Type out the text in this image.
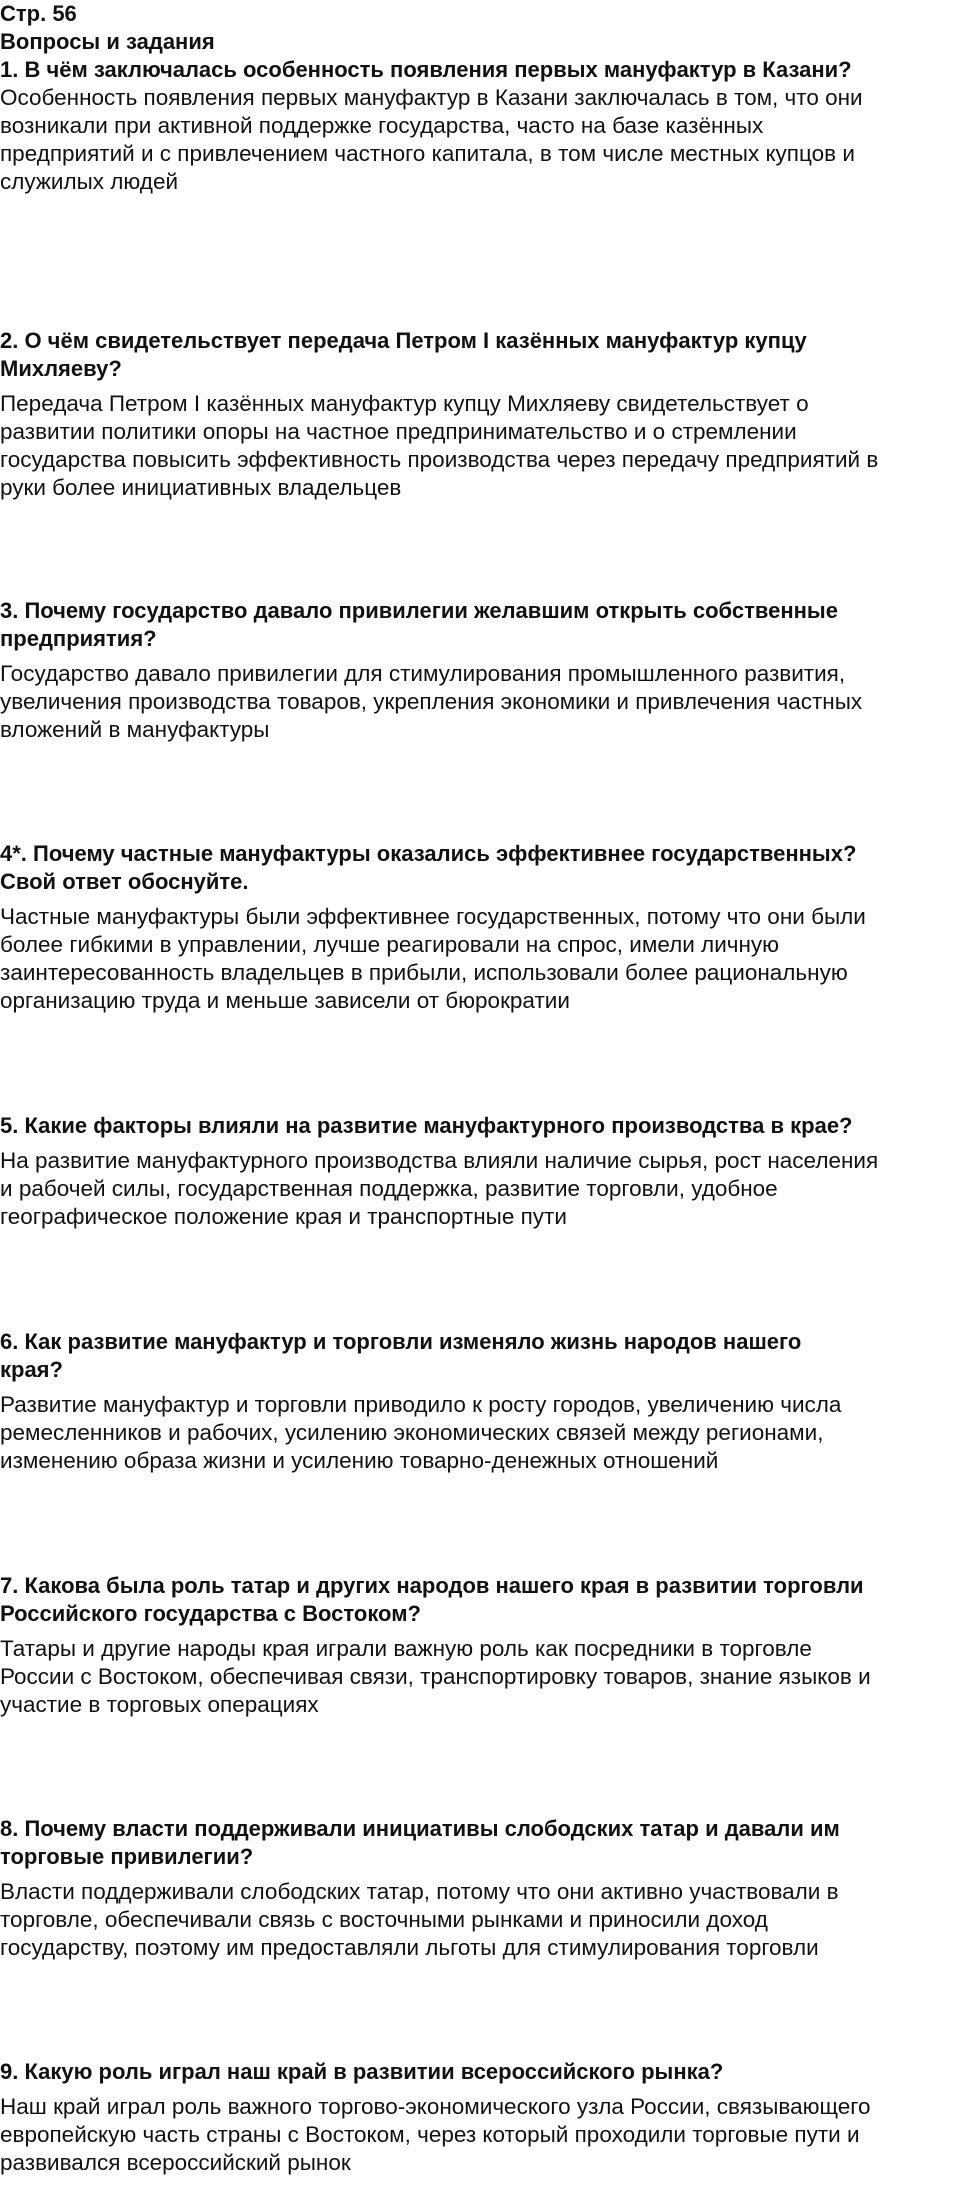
Стр. 56
Вопросы и задания
1. В чём заключалась особенность появления первых мануфактур в Казани?
Особенность появления первых мануфактур в Казани заключалась в том, что они
возникали при активной поддержке государства, часто на базе казённых
предприятий и с привлечением частного капитала, в том числе местных купцов и
служилых людей
2. О чём свидетельствует передача Петром I казённых мануфактур купцу
Михляеву?
Передача Петром I казённых мануфактур купцу Михляеву свидетельствует о
развитии политики опоры на частное предпринимательство и о стремлении
государства повысить эффективность производства через передачу предприятий в
руки более инициативных владельцев
3. Почему государство давало привилегии желавшим открыть собственные
предприятия?
Государство давало привилегии для стимулирования промышленного развития,
увеличения производства товаров, укрепления экономики и привлечения частных
вложений в мануфактуры
4*. Почему частные мануфактуры оказались эффективнее государственных?
Свой ответ обоснуйте.
Частные мануфактуры были эффективнее государственных, потому что они были
более гибкими в управлении, лучше реагировали на спрос, имели личную
заинтересованность владельцев в прибыли, использовали более рациональную
организацию труда и меньше зависели от бюрократии
5. Какие факторы влияли на развитие мануфактурного производства в крае?
На развитие мануфактурного производства влияли наличие сырья, рост населения
и рабочей силы, государственная поддержка, развитие торговли, удобное
географическое положение края и транспортные пути
6. Как развитие мануфактур и торговли изменяло жизнь народов нашего
края?
Развитие мануфактур и торговли приводило к росту городов, увеличению числа
ремесленников и рабочих, усилению экономических связей между регионами,
изменению образа жизни и усилению товарно-денежных отношений
7. Какова была роль татар и других народов нашего края в развитии торговли
Российского государства с Востоком?
Татары и другие народы края играли важную роль как посредники в торговле
России с Востоком, обеспечивая связи, транспортировку товаров, знание языков и
участие в торговых операциях
8. Почему власти поддерживали инициативы слободских татар и давали им
торговые привилегии?
Власти поддерживали слободских татар, потому что они активно участвовали в
торговле, обеспечивали связь с восточными рынками и приносили доход
государству, поэтому им предоставляли льготы для стимулирования торговли
9. Какую роль играл наш край в развитии всероссийского рынка?
Наш край играл роль важного торгово-экономического узла России, связывающего
европейскую часть страны с Востоком, через который проходили торговые пути и
развивался всероссийский рынок
